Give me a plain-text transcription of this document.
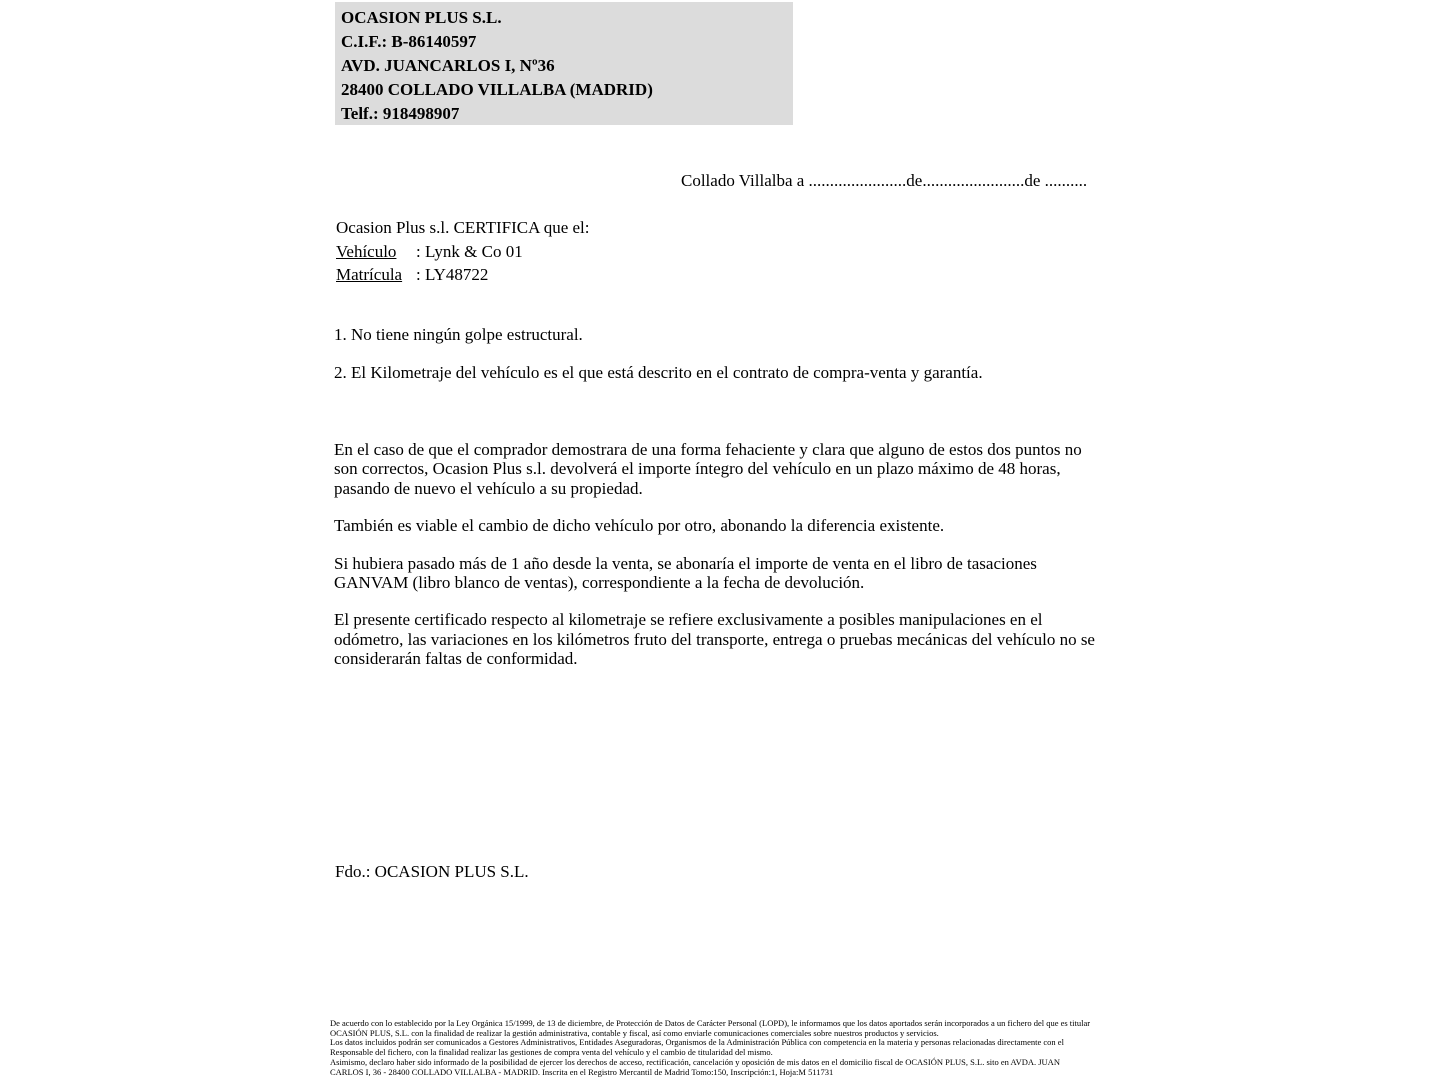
OCASION PLUS S.L.
C.I.F.: B-86140597
AVD. JUANCARLOS I, Nº36
28400 COLLADO VILLALBA (MADRID)
Telf.: 918498907
Collado Villalba a .......................de........................de ..........
Ocasion Plus s.l. CERTIFICA que el:
Vehículo : Lynk & Co 01
Matrícula : LY48722
1. No tiene ningún golpe estructural.
2. El Kilometraje del vehículo es el que está descrito en el contrato de compra-venta y garantía.

En el caso de que el comprador demostrara de una forma fehaciente y clara que alguno de estos dos puntos no son correctos, Ocasion Plus s.l. devolverá el importe íntegro del vehículo en un plazo máximo de 48 horas, pasando de nuevo el vehículo a su propiedad.

También es viable el cambio de dicho vehículo por otro, abonando la diferencia existente.

Si hubiera pasado más de 1 año desde la venta, se abonaría el importe de venta en el libro de tasaciones GANVAM (libro blanco de ventas), correspondiente a la fecha de devolución.

El presente certificado respecto al kilometraje se refiere exclusivamente a posibles manipulaciones en el odómetro, las variaciones en los kilómetros fruto del transporte, entrega o pruebas mecánicas del vehículo no se considerarán faltas de conformidad.

Fdo.: OCASION PLUS S.L.
De acuerdo con lo establecido por la Ley Orgánica 15/1999, de 13 de diciembre, de Protección de Datos de Carácter Personal (LOPD), le informamos que los datos aportados serán incorporados a un fichero del que es titular
OCASIÓN PLUS, S.L. con la finalidad de realizar la gestión administrativa, contable y fiscal, así como enviarle comunicaciones comerciales sobre nuestros productos y servicios.
Los datos incluidos podrán ser comunicados a Gestores Administrativos, Entidades Aseguradoras, Organismos de la Administración Pública con competencia en la materia y personas relacionadas directamente con el
Responsable del fichero, con la finalidad realizar las gestiones de compra venta del vehículo y el cambio de titularidad del mismo.
Asimismo, declaro haber sido informado de la posibilidad de ejercer los derechos de acceso, rectificación, cancelación y oposición de mis datos en el domicilio fiscal de OCASIÓN PLUS, S.L. sito en AVDA. JUAN
CARLOS I, 36 - 28400 COLLADO VILLALBA - MADRID. Inscrita en el Registro Mercantil de Madrid Tomo:150, Inscripción:1, Hoja:M 511731
